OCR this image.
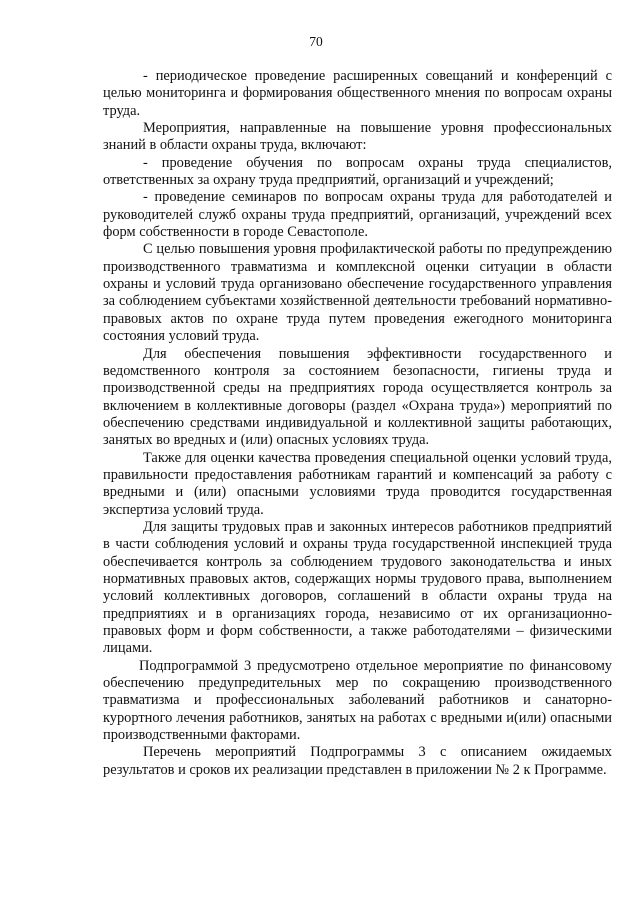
70

- периодическое проведение расширенных совещаний и конференций с целью мониторинга и формирования общественного мнения по вопросам охраны труда.

Мероприятия, направленные на повышение уровня профессиональных знаний в области охраны труда, включают:

- проведение обучения по вопросам охраны труда специалистов, ответственных за охрану труда предприятий, организаций и учреждений;

- проведение семинаров по вопросам охраны труда для работодателей и руководителей служб охраны труда предприятий, организаций, учреждений всех форм собственности в городе Севастополе.

С целью повышения уровня профилактической работы по предупреждению производственного травматизма и комплексной оценки ситуации в области охраны и условий труда организовано обеспечение государственного управления за соблюдением субъектами хозяйственной деятельности требований нормативно-правовых актов по охране труда путем проведения ежегодного мониторинга состояния условий труда.

Для обеспечения повышения эффективности государственного и ведомственного контроля за состоянием безопасности, гигиены труда и производственной среды на предприятиях города осуществляется контроль за включением в коллективные договоры (раздел «Охрана труда») мероприятий по обеспечению средствами индивидуальной и коллективной защиты работающих, занятых во вредных и (или) опасных условиях труда.

Также для оценки качества проведения специальной оценки условий труда, правильности предоставления работникам гарантий и компенсаций за работу с вредными и (или) опасными условиями труда проводится государственная экспертиза условий труда.

Для защиты трудовых прав и законных интересов работников предприятий в части соблюдения условий и охраны труда государственной инспекцией труда обеспечивается контроль за соблюдением трудового законодательства и иных нормативных правовых актов, содержащих нормы трудового права, выполнением условий коллективных договоров, соглашений в области охраны труда на предприятиях и в организациях города, независимо от их организационно-правовых форм и форм собственности, а также работодателями – физическими лицами.

Подпрограммой 3 предусмотрено отдельное мероприятие по финансовому обеспечению предупредительных мер по сокращению производственного травматизма и профессиональных заболеваний работников и санаторно-курортного лечения работников, занятых на работах с вредными и(или) опасными производственными факторами.

Перечень мероприятий Подпрограммы 3 с описанием ожидаемых результатов и сроков их реализации представлен в приложении № 2 к Программе.
